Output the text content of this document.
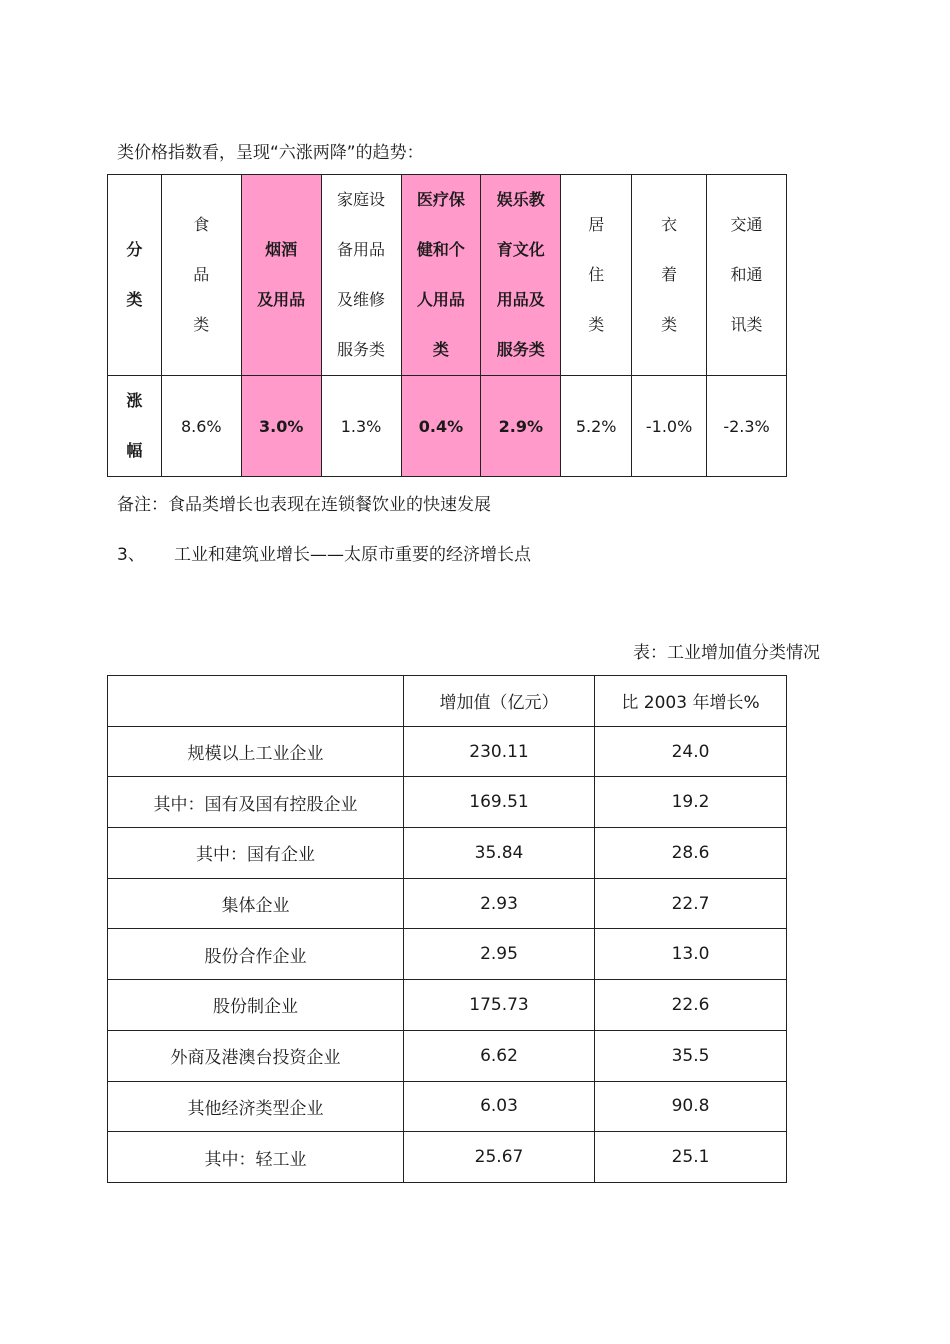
类价格指数看，呈现“六涨两降”的趋势：
分
类	食
品
类	烟酒
及用品	家庭设
备用品
及维修
服务类	医疗保
健和个
人用品
类	娱乐教
育文化
用品及
服务类	居
住
类	衣
着
类	交通
和通
讯类

涨
幅	8.6%	3.0%	1.3%	0.4%	2.9%	5.2%	-1.0%	-2.3%
备注：食品类增长也表现在连锁餐饮业的快速发展
3、 工业和建筑业增长——太原市重要的经济增长点
表：工业增加值分类情况
	增加值（亿元）	比 2003 年增长%
规模以上工业企业	230.11	24.0
其中：国有及国有控股企业	169.51	19.2
其中：国有企业	35.84	28.6
集体企业	2.93	22.7
股份合作企业	2.95	13.0
股份制企业	175.73	22.6
外商及港澳台投资企业	6.62	35.5
其他经济类型企业	6.03	90.8
其中：轻工业	25.67	25.1
